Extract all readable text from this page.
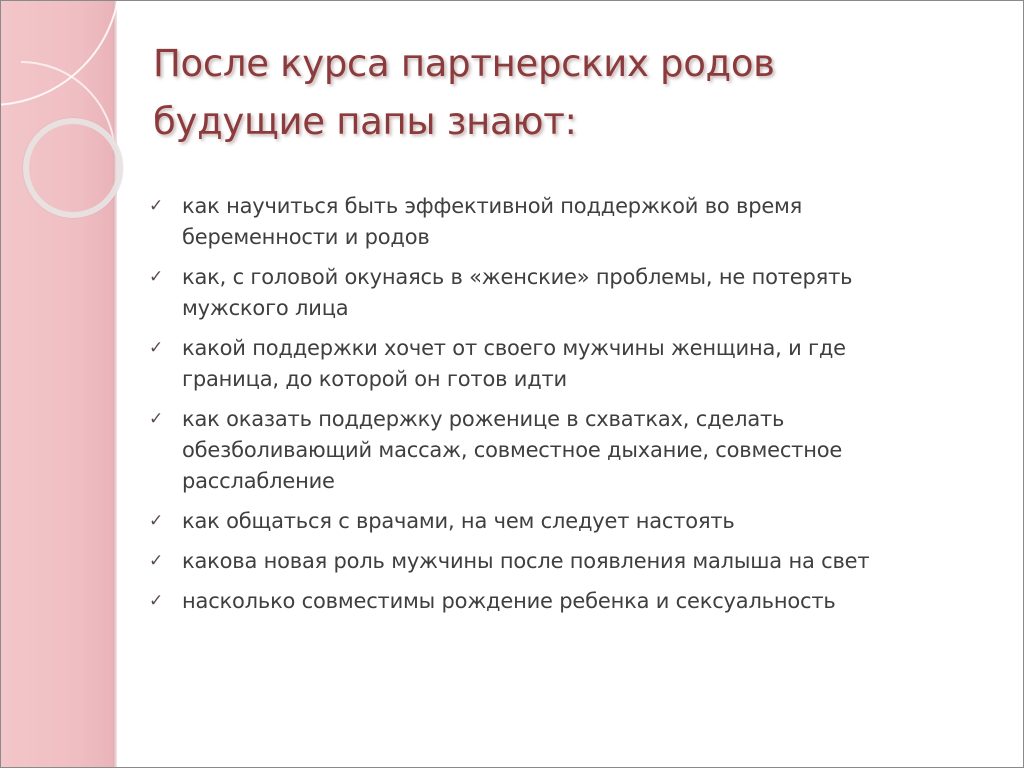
После курса партнерских родов
будущие папы знают:
✓ как научиться быть эффективной поддержкой во время
беременности и родов
✓ как, с головой окунаясь в «женские» проблемы, не потерять
мужского лица
✓ какой поддержки хочет от своего мужчины женщина, и где
граница, до которой он готов идти
✓ как оказать поддержку роженице в схватках, сделать
обезболивающий массаж, совместное дыхание, совместное
расслабление
✓ как общаться с врачами, на чем следует настоять
✓ какова новая роль мужчины после появления малыша на свет
✓ насколько совместимы рождение ребенка и сексуальность
